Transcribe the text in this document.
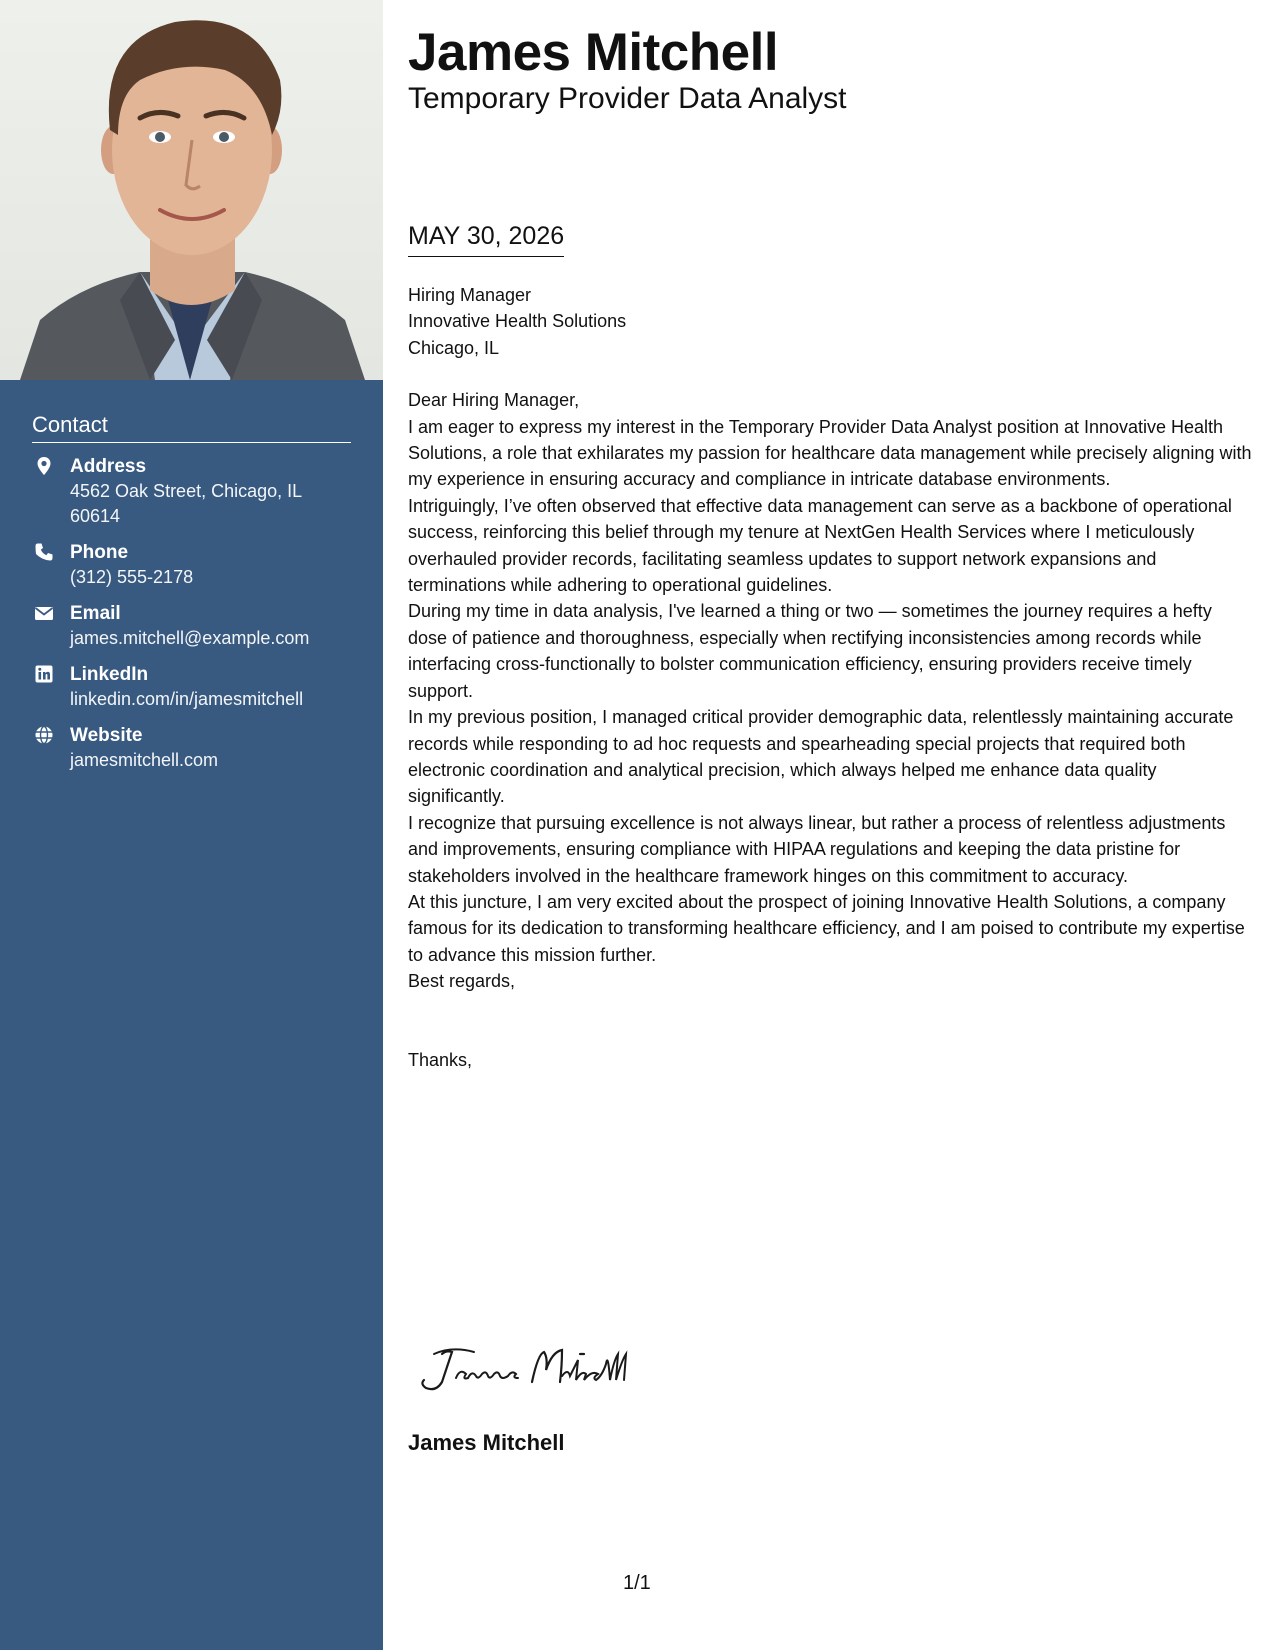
Contact
Address
4562 Oak Street, Chicago, IL 60614
Phone
(312) 555-2178
Email
james.mitchell@example.com
LinkedIn
linkedin.com/in/jamesmitchell
Website
jamesmitchell.com
James Mitchell
Temporary Provider Data Analyst
MAY 30, 2026

Hiring Manager

Innovative Health Solutions

Chicago, IL

Dear Hiring Manager,

I am eager to express my interest in the Temporary Provider Data Analyst position at Innovative Health Solutions, a role that exhilarates my passion for healthcare data management while precisely aligning with my experience in ensuring accuracy and compliance in intricate database environments.

Intriguingly, I’ve often observed that effective data management can serve as a backbone of operational success, reinforcing this belief through my tenure at NextGen Health Services where I meticulously overhauled provider records, facilitating seamless updates to support network expansions and terminations while adhering to operational guidelines.

During my time in data analysis, I've learned a thing or two — sometimes the journey requires a hefty dose of patience and thoroughness, especially when rectifying inconsistencies among records while interfacing cross-functionally to bolster communication efficiency, ensuring providers receive timely support.

In my previous position, I managed critical provider demographic data, relentlessly maintaining accurate records while responding to ad hoc requests and spearheading special projects that required both electronic coordination and analytical precision, which always helped me enhance data quality significantly.

I recognize that pursuing excellence is not always linear, but rather a process of relentless adjustments and improvements, ensuring compliance with HIPAA regulations and keeping the data pristine for stakeholders involved in the healthcare framework hinges on this commitment to accuracy.

At this juncture, I am very excited about the prospect of joining Innovative Health Solutions, a company famous for its dedication to transforming healthcare efficiency, and I am poised to contribute my expertise to advance this mission further.

Best regards,

Thanks,

James Mitchell
1/1
